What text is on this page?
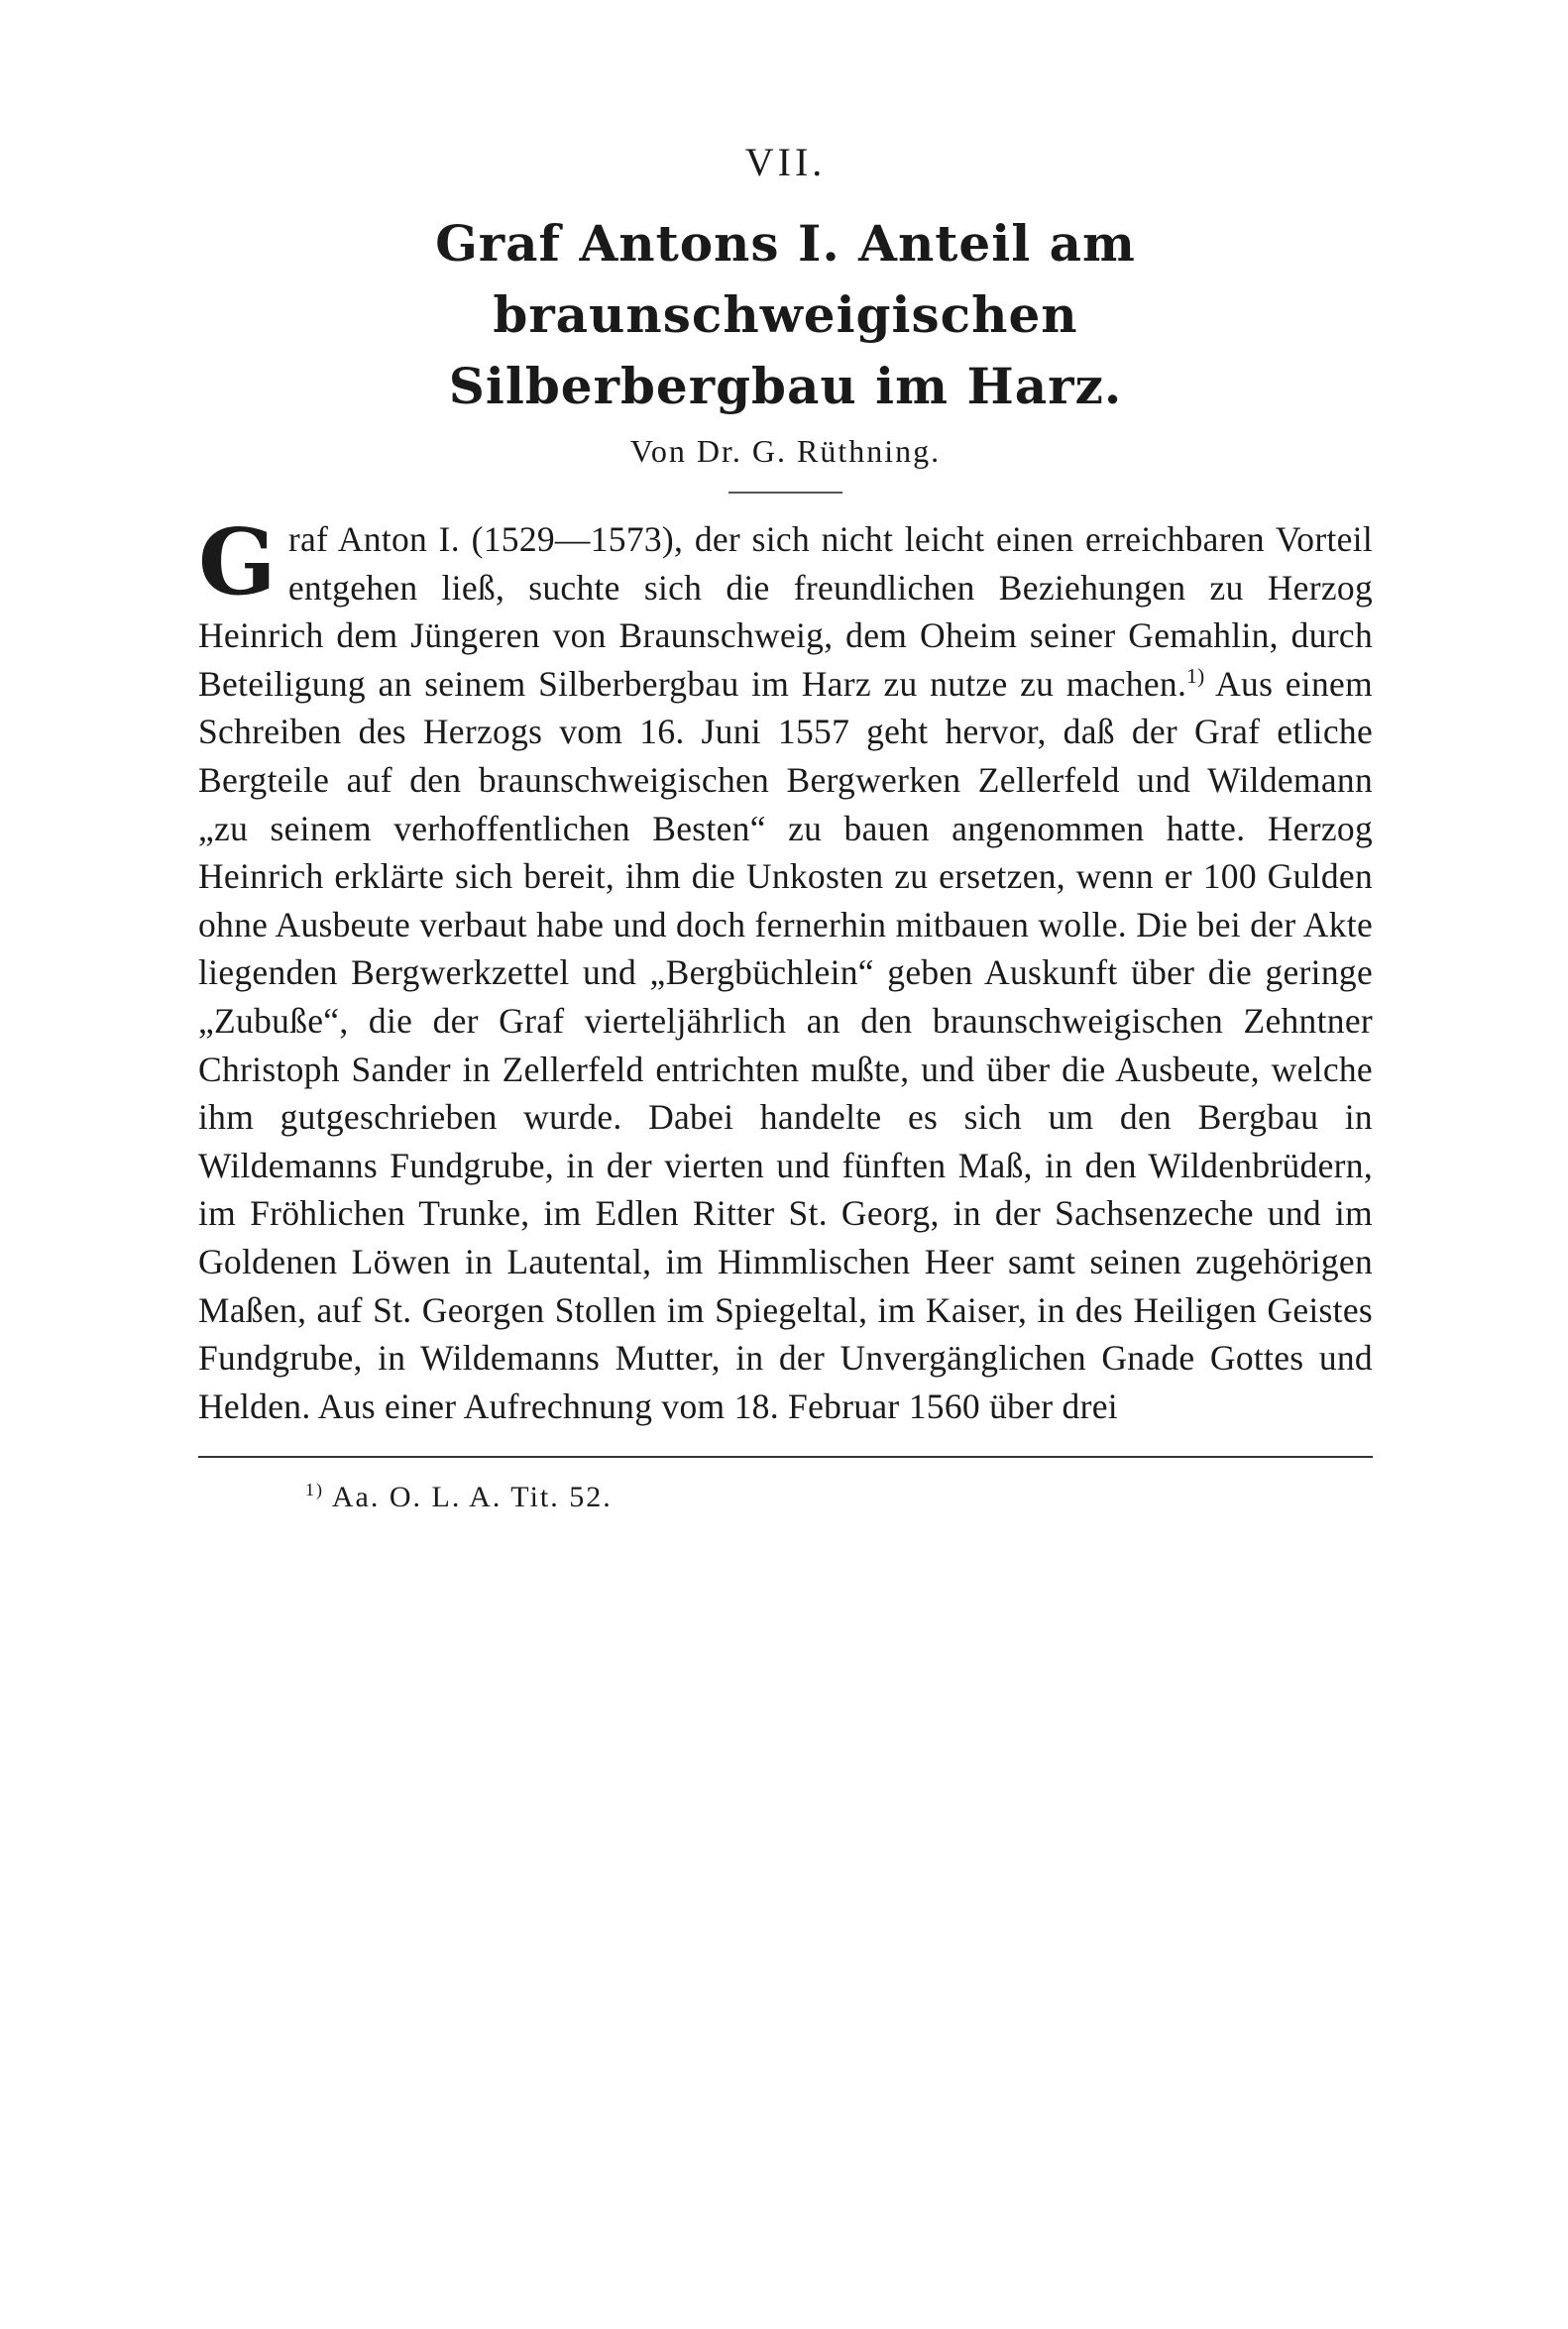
VII.
Graf Antons I. Anteil am braunschweigischen
Silberbergbau im Harz.
Von Dr. G. Rüthning.
Graf Anton I. (1529—1573), der sich nicht leicht einen erreichbaren Vorteil entgehen ließ, suchte sich die freundlichen Beziehungen zu Herzog Heinrich dem Jüngeren von Braunschweig, dem Oheim seiner Gemahlin, durch Beteiligung an seinem Silberbergbau im Harz zu nutze zu machen.$^{1)}$ Aus einem Schreiben des Herzogs vom 16. Juni 1557 geht hervor, daß der Graf etliche Bergteile auf den braunschweigischen Bergwerken Zellerfeld und Wildemann „zu seinem verhoffentlichen Besten“ zu bauen angenommen hatte. Herzog Heinrich erklärte sich bereit, ihm die Unkosten zu ersetzen, wenn er 100 Gulden ohne Ausbeute verbaut habe und doch fernerhin mitbauen wolle. Die bei der Akte liegenden Bergwerkzettel und „Bergbüchlein“ geben Auskunft über die geringe „Zubuße“, die der Graf vierteljährlich an den braunschweigischen Zehntner Christoph Sander in Zellerfeld entrichten mußte, und über die Ausbeute, welche ihm gutgeschrieben wurde. Dabei handelte es sich um den Bergbau in Wildemanns Fundgrube, in der vierten und fünften Maß, in den Wildenbrüdern, im Fröhlichen Trunke, im Edlen Ritter St. Georg, in der Sachsenzeche und im Goldenen Löwen in Lautental, im Himmlischen Heer samt seinen zugehörigen Maßen, auf St. Georgen Stollen im Spiegeltal, im Kaiser, in des Heiligen Geistes Fundgrube, in Wildemanns Mutter, in der Unvergänglichen Gnade Gottes und Helden. Aus einer Aufrechnung vom 18. Februar 1560 über drei
$^{1)}$ Aa. O. L. A. Tit. 52.
